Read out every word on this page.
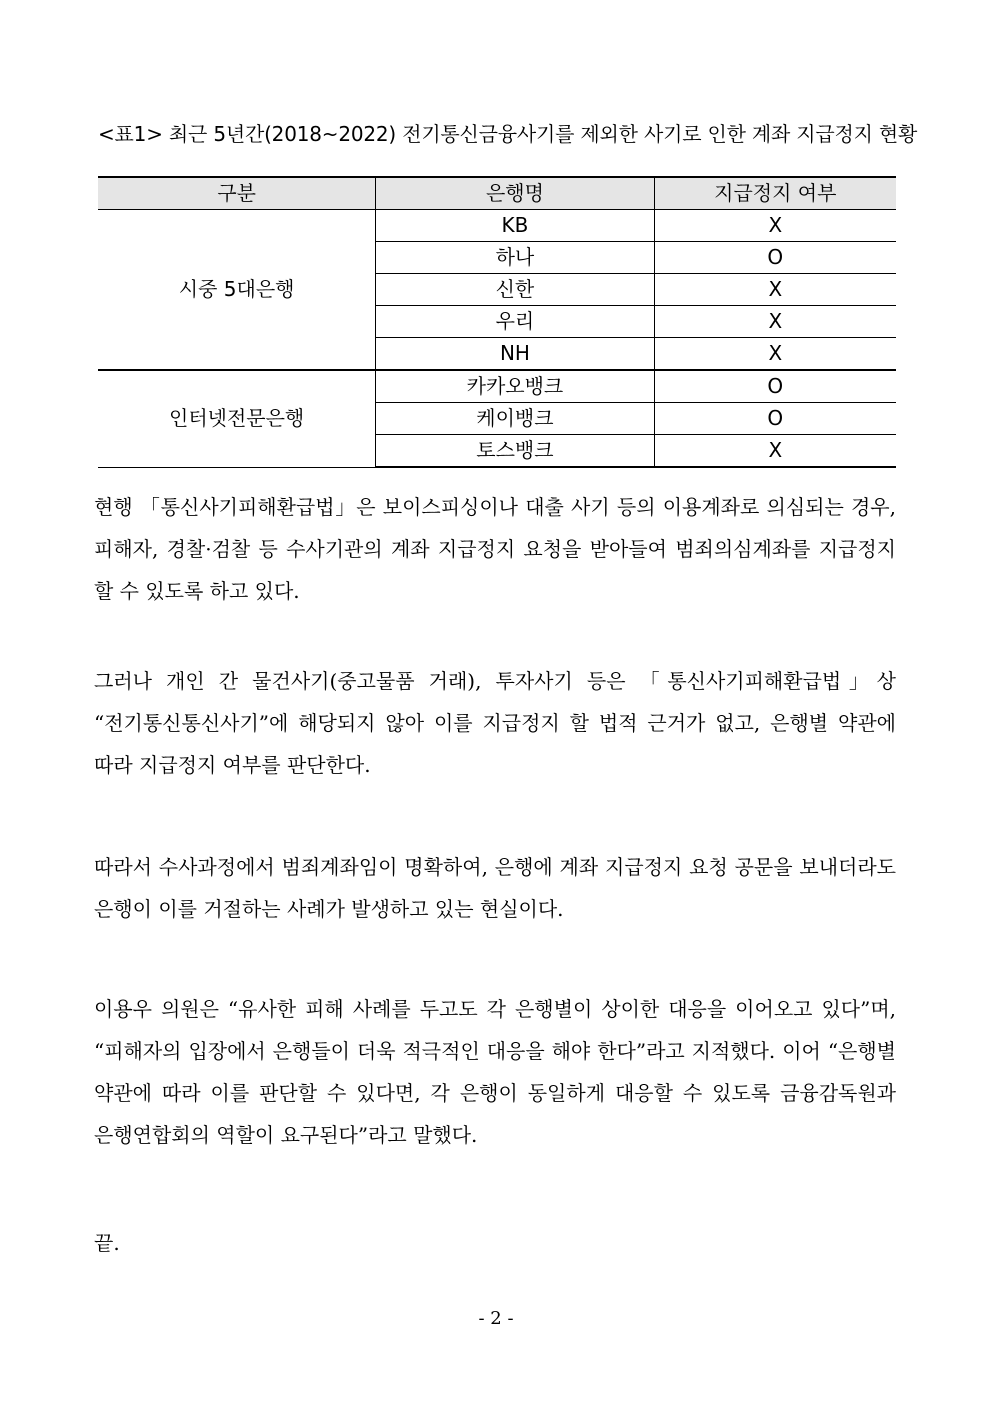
<표1> 최근 5년간(2018~2022) 전기통신금융사기를 제외한 사기로 인한 계좌 지급정지 현황
구분	은행명	지급정지 여부
시중 5대은행	KB	X
	하나	O
	신한	X
	우리	X
	NH	X
인터넷전문은행	카카오뱅크	O
	케이뱅크	O
	토스뱅크	X

현행 「통신사기피해환급법」은 보이스피싱이나 대출 사기 등의 이용계좌로 의심되는 경우, 피해자, 경찰·검찰 등 수사기관의 계좌 지급정지 요청을 받아들여 범죄의심계좌를 지급정지 할 수 있도록 하고 있다.

그러나 개인 간 물건사기(중고물품 거래), 투자사기 등은 「통신사기피해환급법」상 “전기통신통신사기”에 해당되지 않아 이를 지급정지 할 법적 근거가 없고, 은행별 약관에 따라 지급정지 여부를 판단한다.

따라서 수사과정에서 범죄계좌임이 명확하여, 은행에 계좌 지급정지 요청 공문을 보내더라도 은행이 이를 거절하는 사례가 발생하고 있는 현실이다.

이용우 의원은 “유사한 피해 사례를 두고도 각 은행별이 상이한 대응을 이어오고 있다”며, “피해자의 입장에서 은행들이 더욱 적극적인 대응을 해야 한다”라고 지적했다. 이어 “은행별 약관에 따라 이를 판단할 수 있다면, 각 은행이 동일하게 대응할 수 있도록 금융감독원과 은행연합회의 역할이 요구된다”라고 말했다.

끝.

- 2 -
